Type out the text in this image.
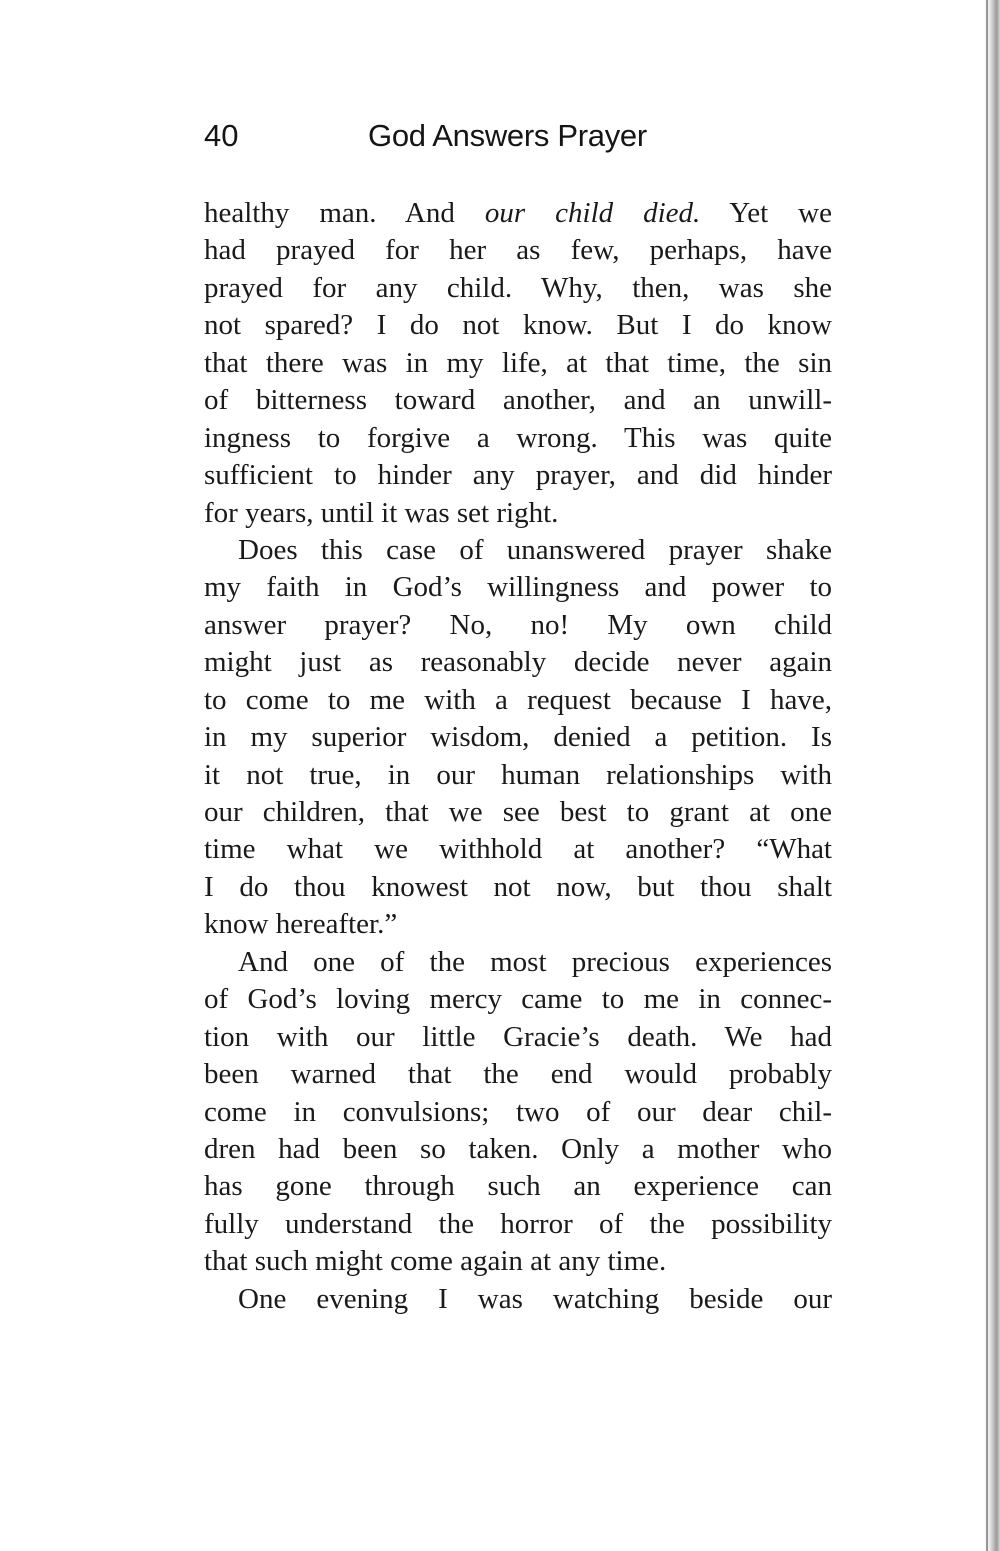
40	God Answers Prayer
healthy man. And our child died. Yet we
had prayed for her as few, perhaps, have
prayed for any child. Why, then, was she
not spared? I do not know. But I do know
that there was in my life, at that time, the sin
of bitterness toward another, and an unwill-
ingness to forgive a wrong. This was quite
sufficient to hinder any prayer, and did hinder
for years, until it was set right.
Does this case of unanswered prayer shake
my faith in God’s willingness and power to
answer prayer? No, no! My own child
might just as reasonably decide never again
to come to me with a request because I have,
in my superior wisdom, denied a petition. Is
it not true, in our human relationships with
our children, that we see best to grant at one
time what we withhold at another? “What
I do thou knowest not now, but thou shalt
know hereafter.”
And one of the most precious experiences
of God’s loving mercy came to me in connec-
tion with our little Gracie’s death. We had
been warned that the end would probably
come in convulsions; two of our dear chil-
dren had been so taken. Only a mother who
has gone through such an experience can
fully understand the horror of the possibility
that such might come again at any time.
One evening I was watching beside our
